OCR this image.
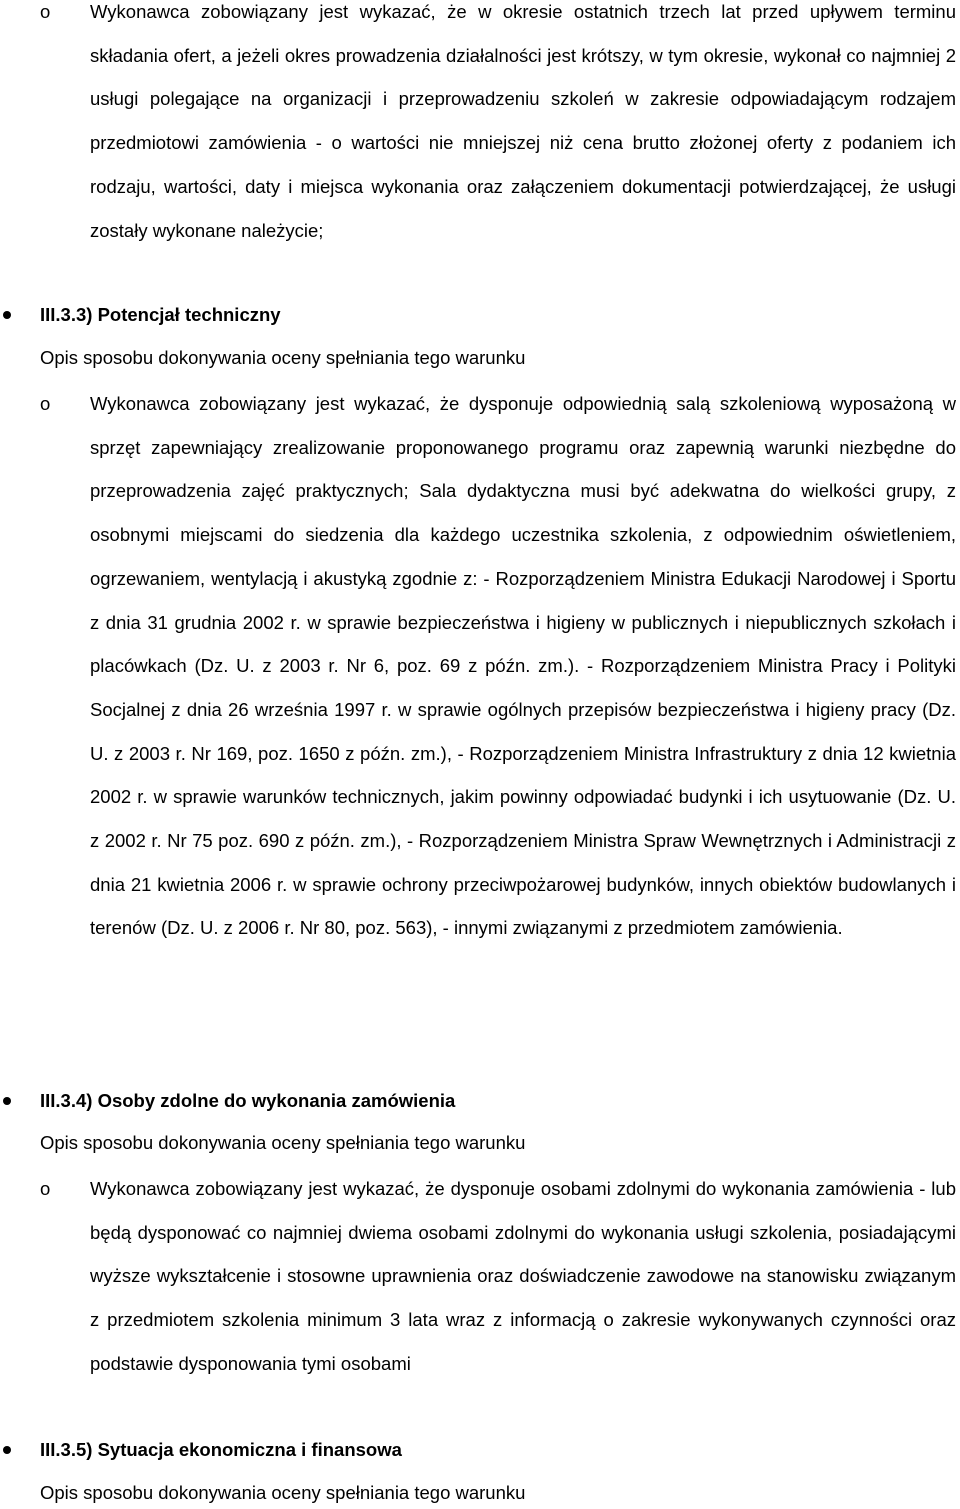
o Wykonawca zobowiązany jest wykazać, że w okresie ostatnich trzech lat przed upływem terminu składania ofert, a jeżeli okres prowadzenia działalności jest krótszy, w tym okresie, wykonał co najmniej 2 usługi polegające na organizacji i przeprowadzeniu szkoleń w zakresie odpowiadającym rodzajem przedmiotowi zamówienia - o wartości nie mniejszej niż cena brutto złożonej oferty z podaniem ich rodzaju, wartości, daty i miejsca wykonania oraz załączeniem dokumentacji potwierdzającej, że usługi zostały wykonane należycie;

III.3.3) Potencjał techniczny
Opis sposobu dokonywania oceny spełniania tego warunku
o Wykonawca zobowiązany jest wykazać, że dysponuje odpowiednią salą szkoleniową wyposażoną w sprzęt zapewniający zrealizowanie proponowanego programu oraz zapewnią warunki niezbędne do przeprowadzenia zajęć praktycznych; Sala dydaktyczna musi być adekwatna do wielkości grupy, z osobnymi miejscami do siedzenia dla każdego uczestnika szkolenia, z odpowiednim oświetleniem, ogrzewaniem, wentylacją i akustyką zgodnie z: - Rozporządzeniem Ministra Edukacji Narodowej i Sportu z dnia 31 grudnia 2002 r. w sprawie bezpieczeństwa i higieny w publicznych i niepublicznych szkołach i placówkach (Dz. U. z 2003 r. Nr 6, poz. 69 z późn. zm.). - Rozporządzeniem Ministra Pracy i Polityki Socjalnej z dnia 26 września 1997 r. w sprawie ogólnych przepisów bezpieczeństwa i higieny pracy (Dz. U. z 2003 r. Nr 169, poz. 1650 z późn. zm.), - Rozporządzeniem Ministra Infrastruktury z dnia 12 kwietnia 2002 r. w sprawie warunków technicznych, jakim powinny odpowiadać budynki i ich usytuowanie (Dz. U. z 2002 r. Nr 75 poz. 690 z późn. zm.), - Rozporządzeniem Ministra Spraw Wewnętrznych i Administracji z dnia 21 kwietnia 2006 r. w sprawie ochrony przeciwpożarowej budynków, innych obiektów budowlanych i terenów (Dz. U. z 2006 r. Nr 80, poz. 563), - innymi związanymi z przedmiotem zamówienia.

III.3.4) Osoby zdolne do wykonania zamówienia
Opis sposobu dokonywania oceny spełniania tego warunku
o Wykonawca zobowiązany jest wykazać, że dysponuje osobami zdolnymi do wykonania zamówienia - lub będą dysponować co najmniej dwiema osobami zdolnymi do wykonania usługi szkolenia, posiadającymi wyższe wykształcenie i stosowne uprawnienia oraz doświadczenie zawodowe na stanowisku związanym z przedmiotem szkolenia minimum 3 lata wraz z informacją o zakresie wykonywanych czynności oraz podstawie dysponowania tymi osobami

III.3.5) Sytuacja ekonomiczna i finansowa
Opis sposobu dokonywania oceny spełniania tego warunku
